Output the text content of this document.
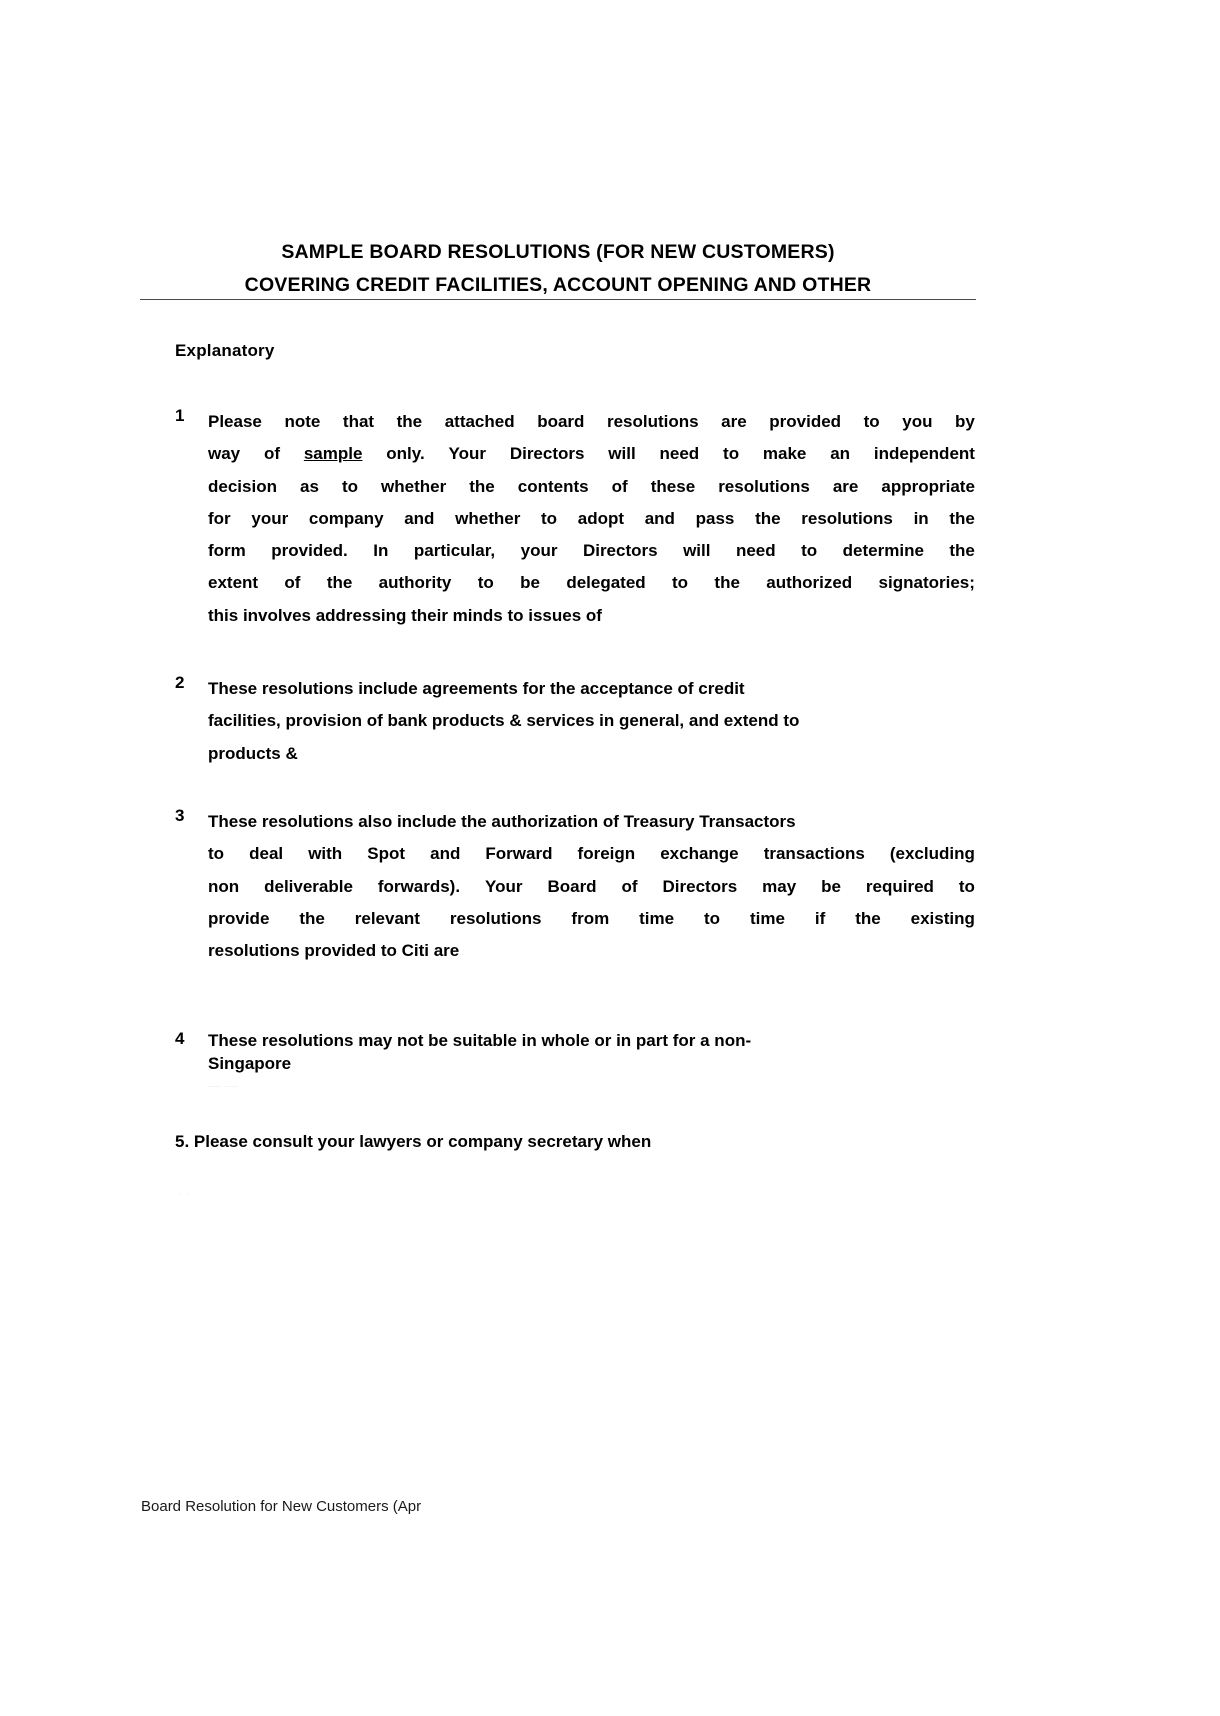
SAMPLE BOARD RESOLUTIONS (FOR NEW CUSTOMERS)
COVERING CREDIT FACILITIES, ACCOUNT OPENING AND OTHER
Explanatory
1	Please note that the attached board resolutions are provided to you by
way of sample only. Your Directors will need to make an independent
decision as to whether the contents of these resolutions are appropriate
for your company and whether to adopt and pass the resolutions in the
form provided. In particular, your Directors will need to determine the
extent of the authority to be delegated to the authorized signatories;
this involves addressing their minds to issues of
2	These resolutions include agreements for the acceptance of credit
facilities, provision of bank products & services in general, and extend to
products &
3	These resolutions also include the authorization of Treasury Transactors
to deal with Spot and Forward foreign exchange transactions (excluding
non deliverable forwards). Your Board of Directors may be required to
provide the relevant resolutions from time to time if the existing
resolutions provided to Citi are
4	These resolutions may not be suitable in whole or in part for a non-
Singapore
— —
· ·
5. Please consult your lawyers or company secretary when
Board Resolution for New Customers (Apr
